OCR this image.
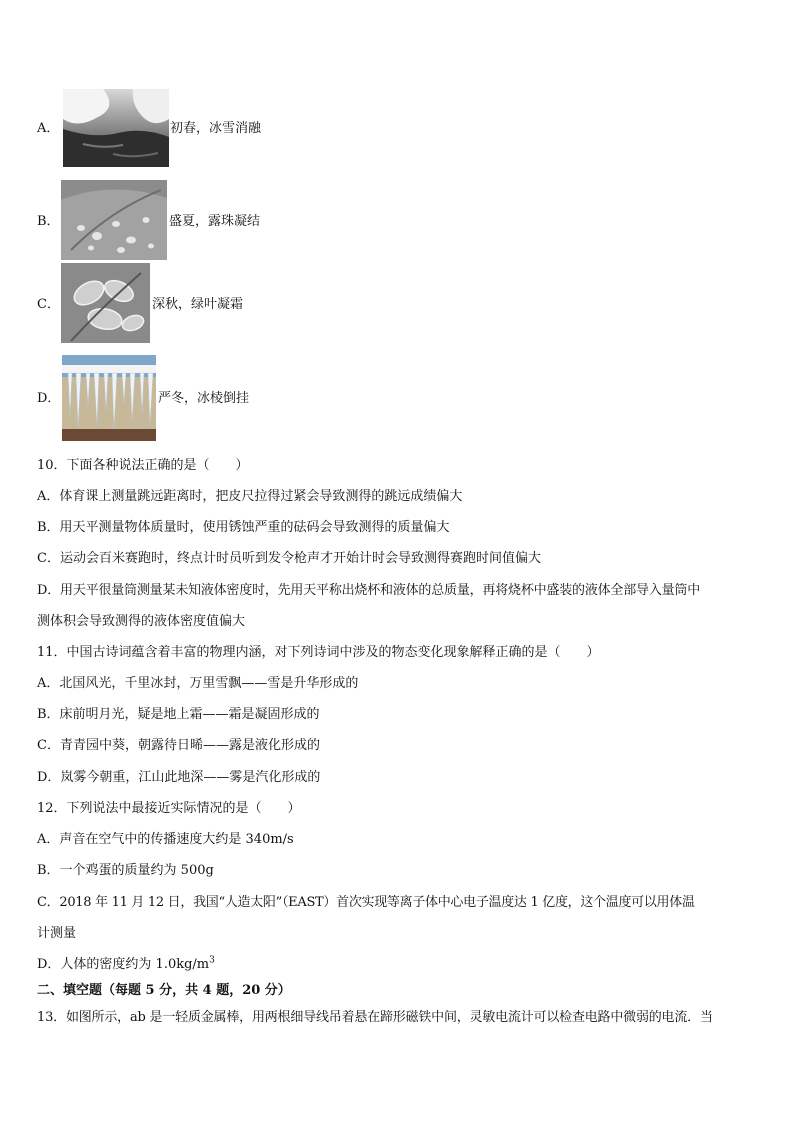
A．	初春，冰雪消融
B．	盛夏，露珠凝结
C．	深秋，绿叶凝霜
D．	严冬，冰棱倒挂
10．下面各种说法正确的是（　　）
A．体育课上测量跳远距离时，把皮尺拉得过紧会导致测得的跳远成绩偏大
B．用天平测量物体质量时，使用锈蚀严重的砝码会导致测得的质量偏大
C．运动会百米赛跑时，终点计时员听到发令枪声才开始计时会导致测得赛跑时间值偏大
D．用天平很量筒测量某未知液体密度时，先用天平称出烧杯和液体的总质量，再将烧杯中盛装的液体全部导入量筒中
测体积会导致测得的液体密度值偏大
11．中国古诗词蕴含着丰富的物理内涵，对下列诗词中涉及的物态变化现象解释正确的是（　　）
A．北国风光，千里冰封，万里雪飘——雪是升华形成的
B．床前明月光，疑是地上霜——霜是凝固形成的
C．青青园中葵，朝露待日晞——露是液化形成的
D．岚雾今朝重，江山此地深——雾是汽化形成的
12．下列说法中最接近实际情况的是（　　）
A．声音在空气中的传播速度大约是 340m/s
B．一个鸡蛋的质量约为 500g
C．2018 年 11 月 12 日，我国“人造太阳”（EAST）首次实现等离子体中心电子温度达 1 亿度，这个温度可以用体温
计测量
D．人体的密度约为 $1.0kg/m^3$
二、填空题（每题 5 分，共 4 题，20 分）
13．如图所示，ab 是一轻质金属棒，用两根细导线吊着悬在蹄形磁铁中间，灵敏电流计可以检查电路中微弱的电流．当
